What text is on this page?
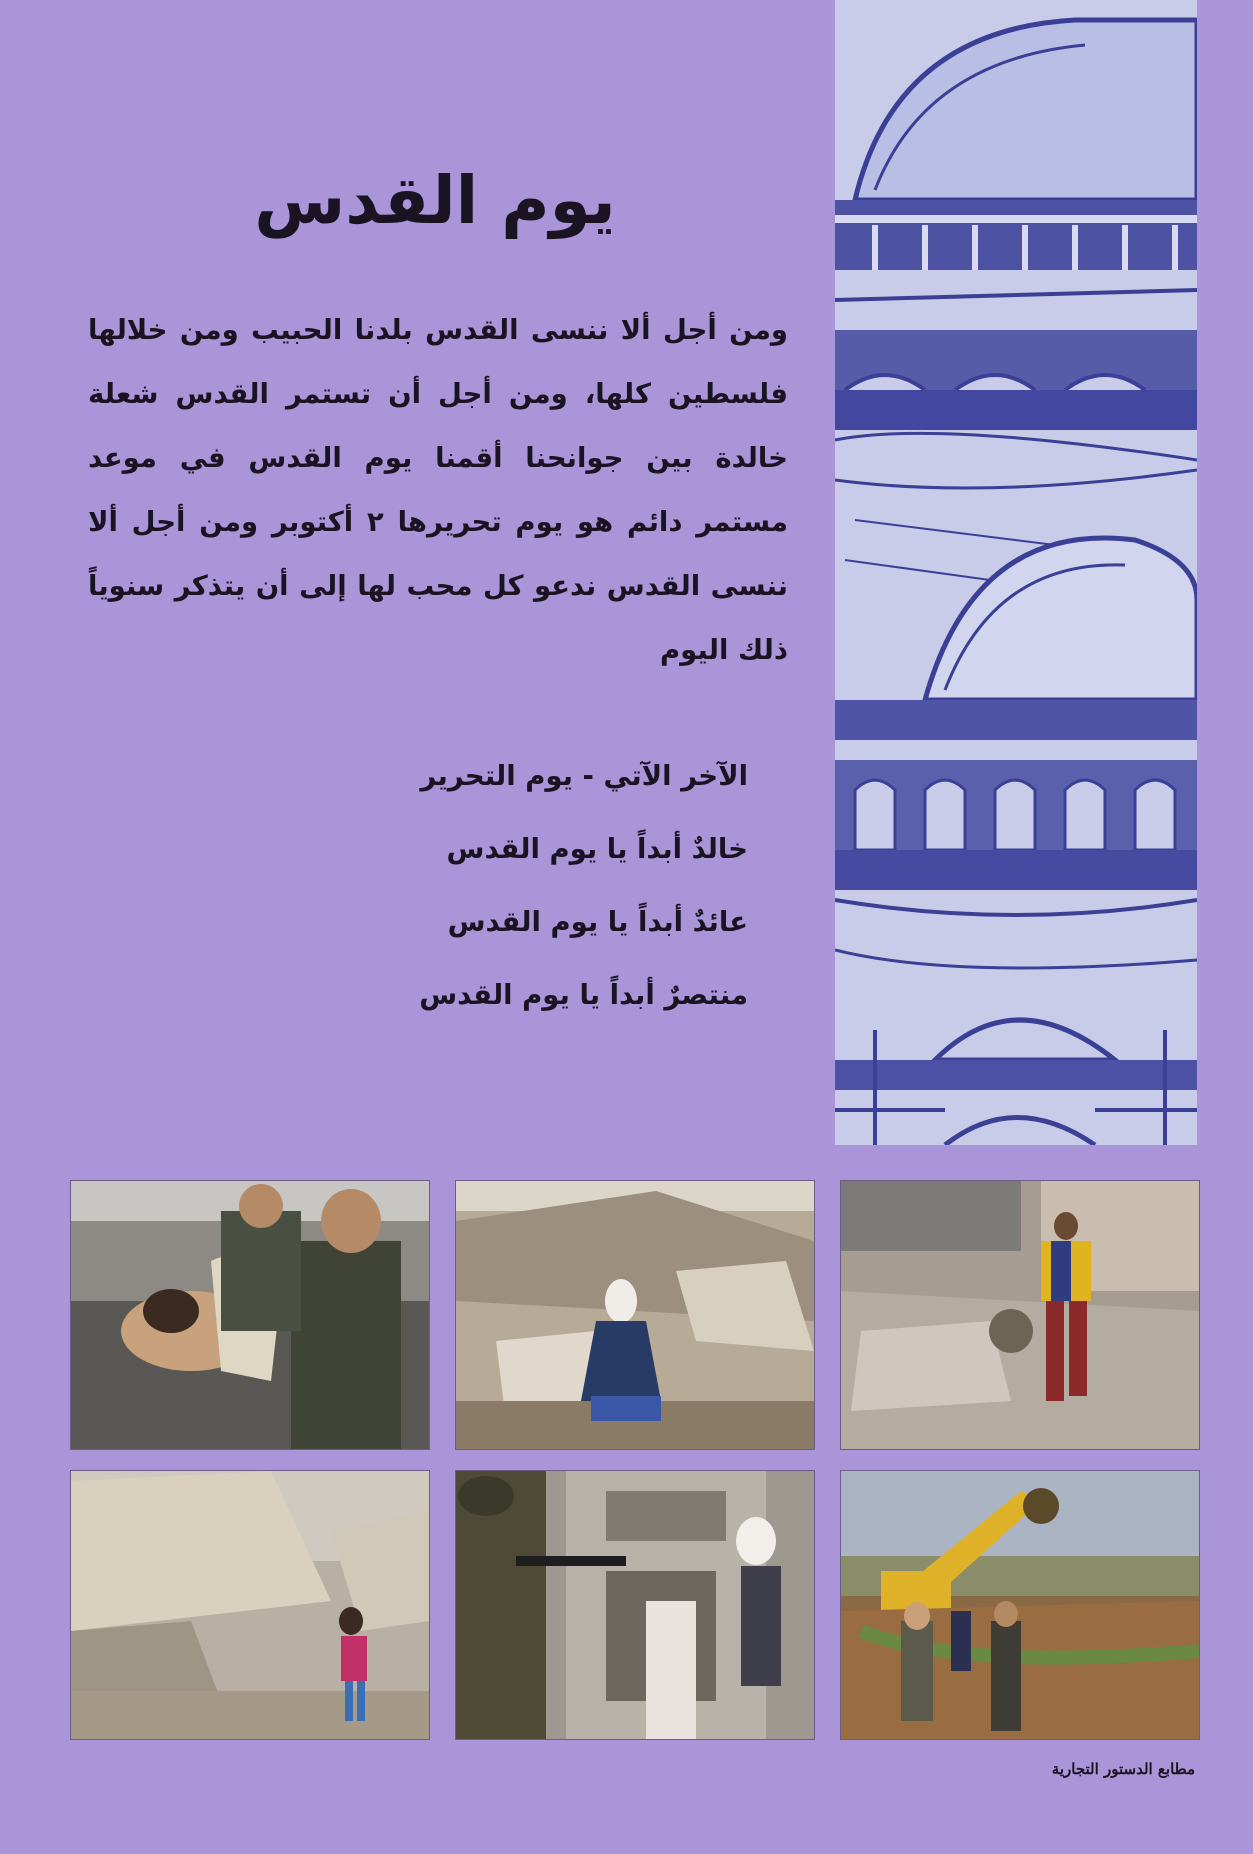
يوم القدس

ومن أجل ألا ننسى القدس بلدنا الحبيب ومن خلالها فلسطين كلها، ومن أجل أن تستمر القدس شعلة خالدة بين جوانحنا أقمنا يوم القدس في موعد مستمر دائم هو يوم تحريرها ٢ أكتوبر ومن أجل ألا ننسى القدس ندعو كل محب لها إلى أن يتذكر سنوياً ذلك اليوم

الآخر الآتي - يوم التحرير
خالدٌ أبداً يا يوم القدس
عائدٌ أبداً يا يوم القدس
منتصرٌ أبداً يا يوم القدس
مطابع الدستور التجارية
